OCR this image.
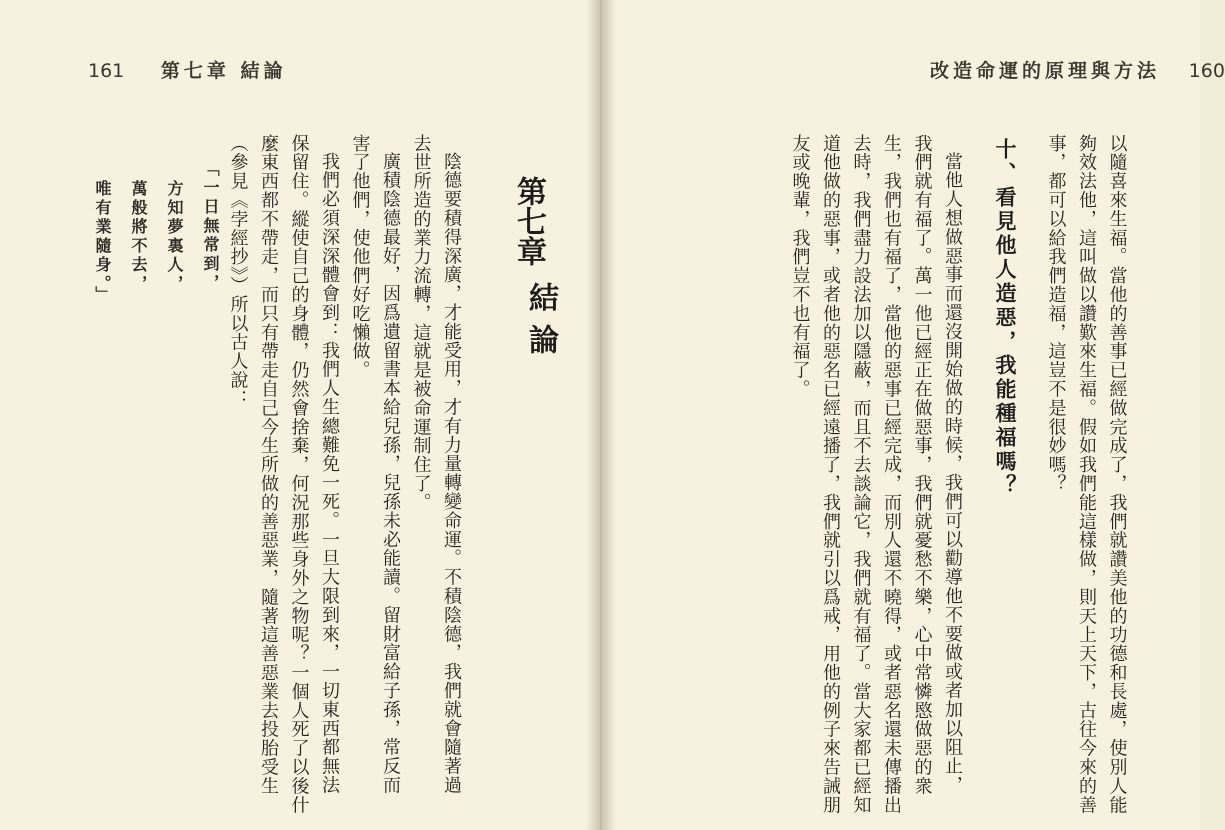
161 第七章 結論
第七章
結論

陰德要積得深廣，才能受用，才有力量轉變命運。不積陰德，我們就會隨著過

去世所造的業力流轉，這就是被命運制住了。

廣積陰德最好，因爲遺留書本給兒孫，兒孫未必能讀。留財富給子孫，常反而

害了他們，使他們好吃懶做。

我們必須深深體會到：我們人生總難免一死。一旦大限到來，一切東西都無法

保留住。縱使自己的身體，仍然會捨棄，何況那些身外之物呢？一個人死了以後什

麼東西都不帶走，而只有帶走自己今生所做的善惡業，隨著這善惡業去投胎受生

（參見《孛經抄》）所以古人說：

「一日無常到，

方知夢裏人，

萬般將不去，

唯有業隨身。」

改造命運的原理與方法 160

以隨喜來生福。當他的善事已經做完成了，我們就讚美他的功德和長處，使別人能

夠效法他，這叫做以讚歎來生福。假如我們能這樣做，則天上天下，古往今來的善

事，都可以給我們造福，這豈不是很妙嗎？

十、看見他人造惡，我能種福嗎？

當他人想做惡事而還沒開始做的時候，我們可以勸導他不要做或者加以阻止，

我們就有福了。萬一他已經正在做惡事，我們就憂愁不樂，心中常憐愍做惡的衆

生，我們也有福了，當他的惡事已經完成，而別人還不曉得，或者惡名還未傳播出

去時，我們盡力設法加以隱蔽，而且不去談論它，我們就有福了。當大家都已經知

道他做的惡事，或者他的惡名已經遠播了，我們就引以爲戒，用他的例子來告誡朋

友或晚輩，我們豈不也有福了。
